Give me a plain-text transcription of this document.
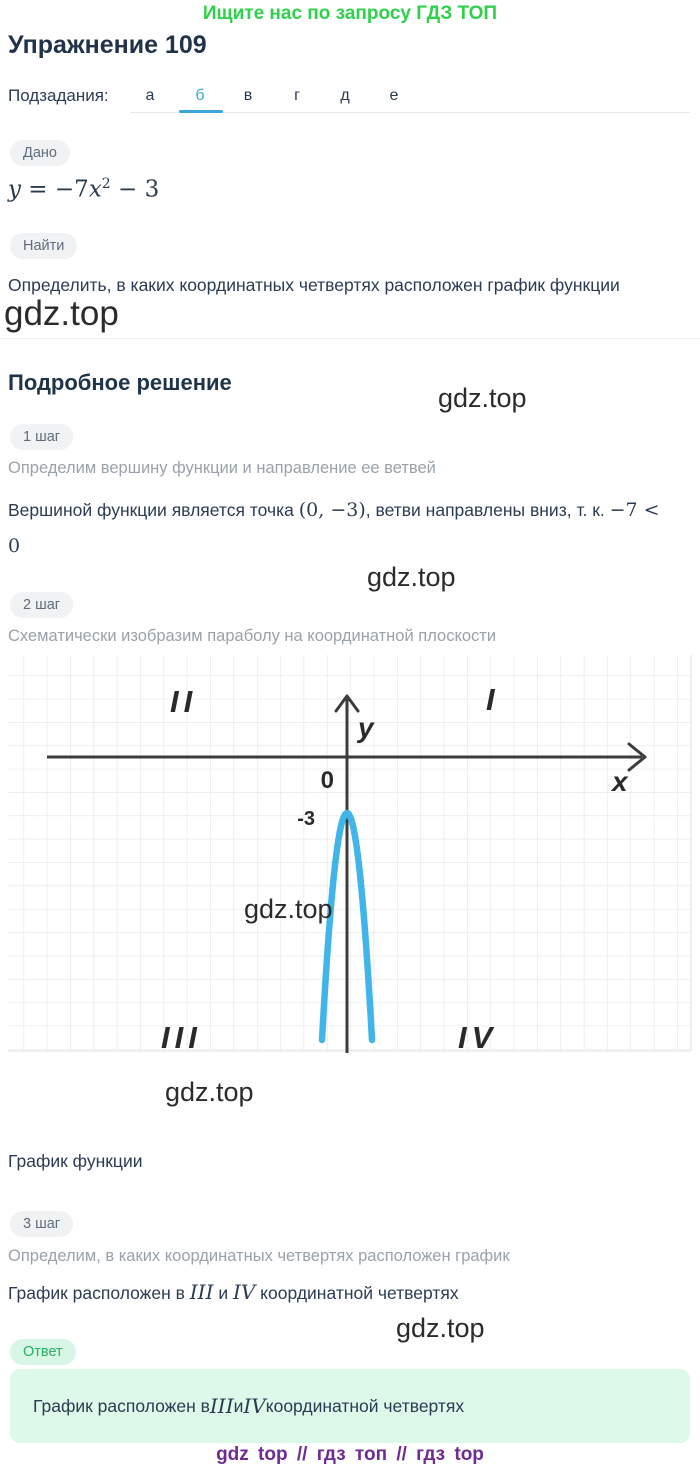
Ищите нас по запросу ГДЗ ТОП
Упражнение 109
Подзадания: а	б в	г	д е
Дано
$y = -7x^2 - 3$
Найти
Определить, в каких координатных четвертях расположен график функции
gdz.top
Подробное решение
gdz.top
1 шаг
Определим вершину функции и направление ее ветвей
Вершиной функции является точка (0, −3), ветви направлены вниз, т. к. −7 <
0
gdz.top
2 шаг
Схематически изобразим параболу на координатной плоскости
II	I
III	IV
y
x
0
-3
gdz.top
gdz.top
График функции
3 шаг
Определим, в каких координатных четвертях расположен график
График расположен в III и IV координатной четвертях
gdz.top
Ответ
График расположен в III и IV координатной четвертях
gdz top // гдз топ // гдз top
